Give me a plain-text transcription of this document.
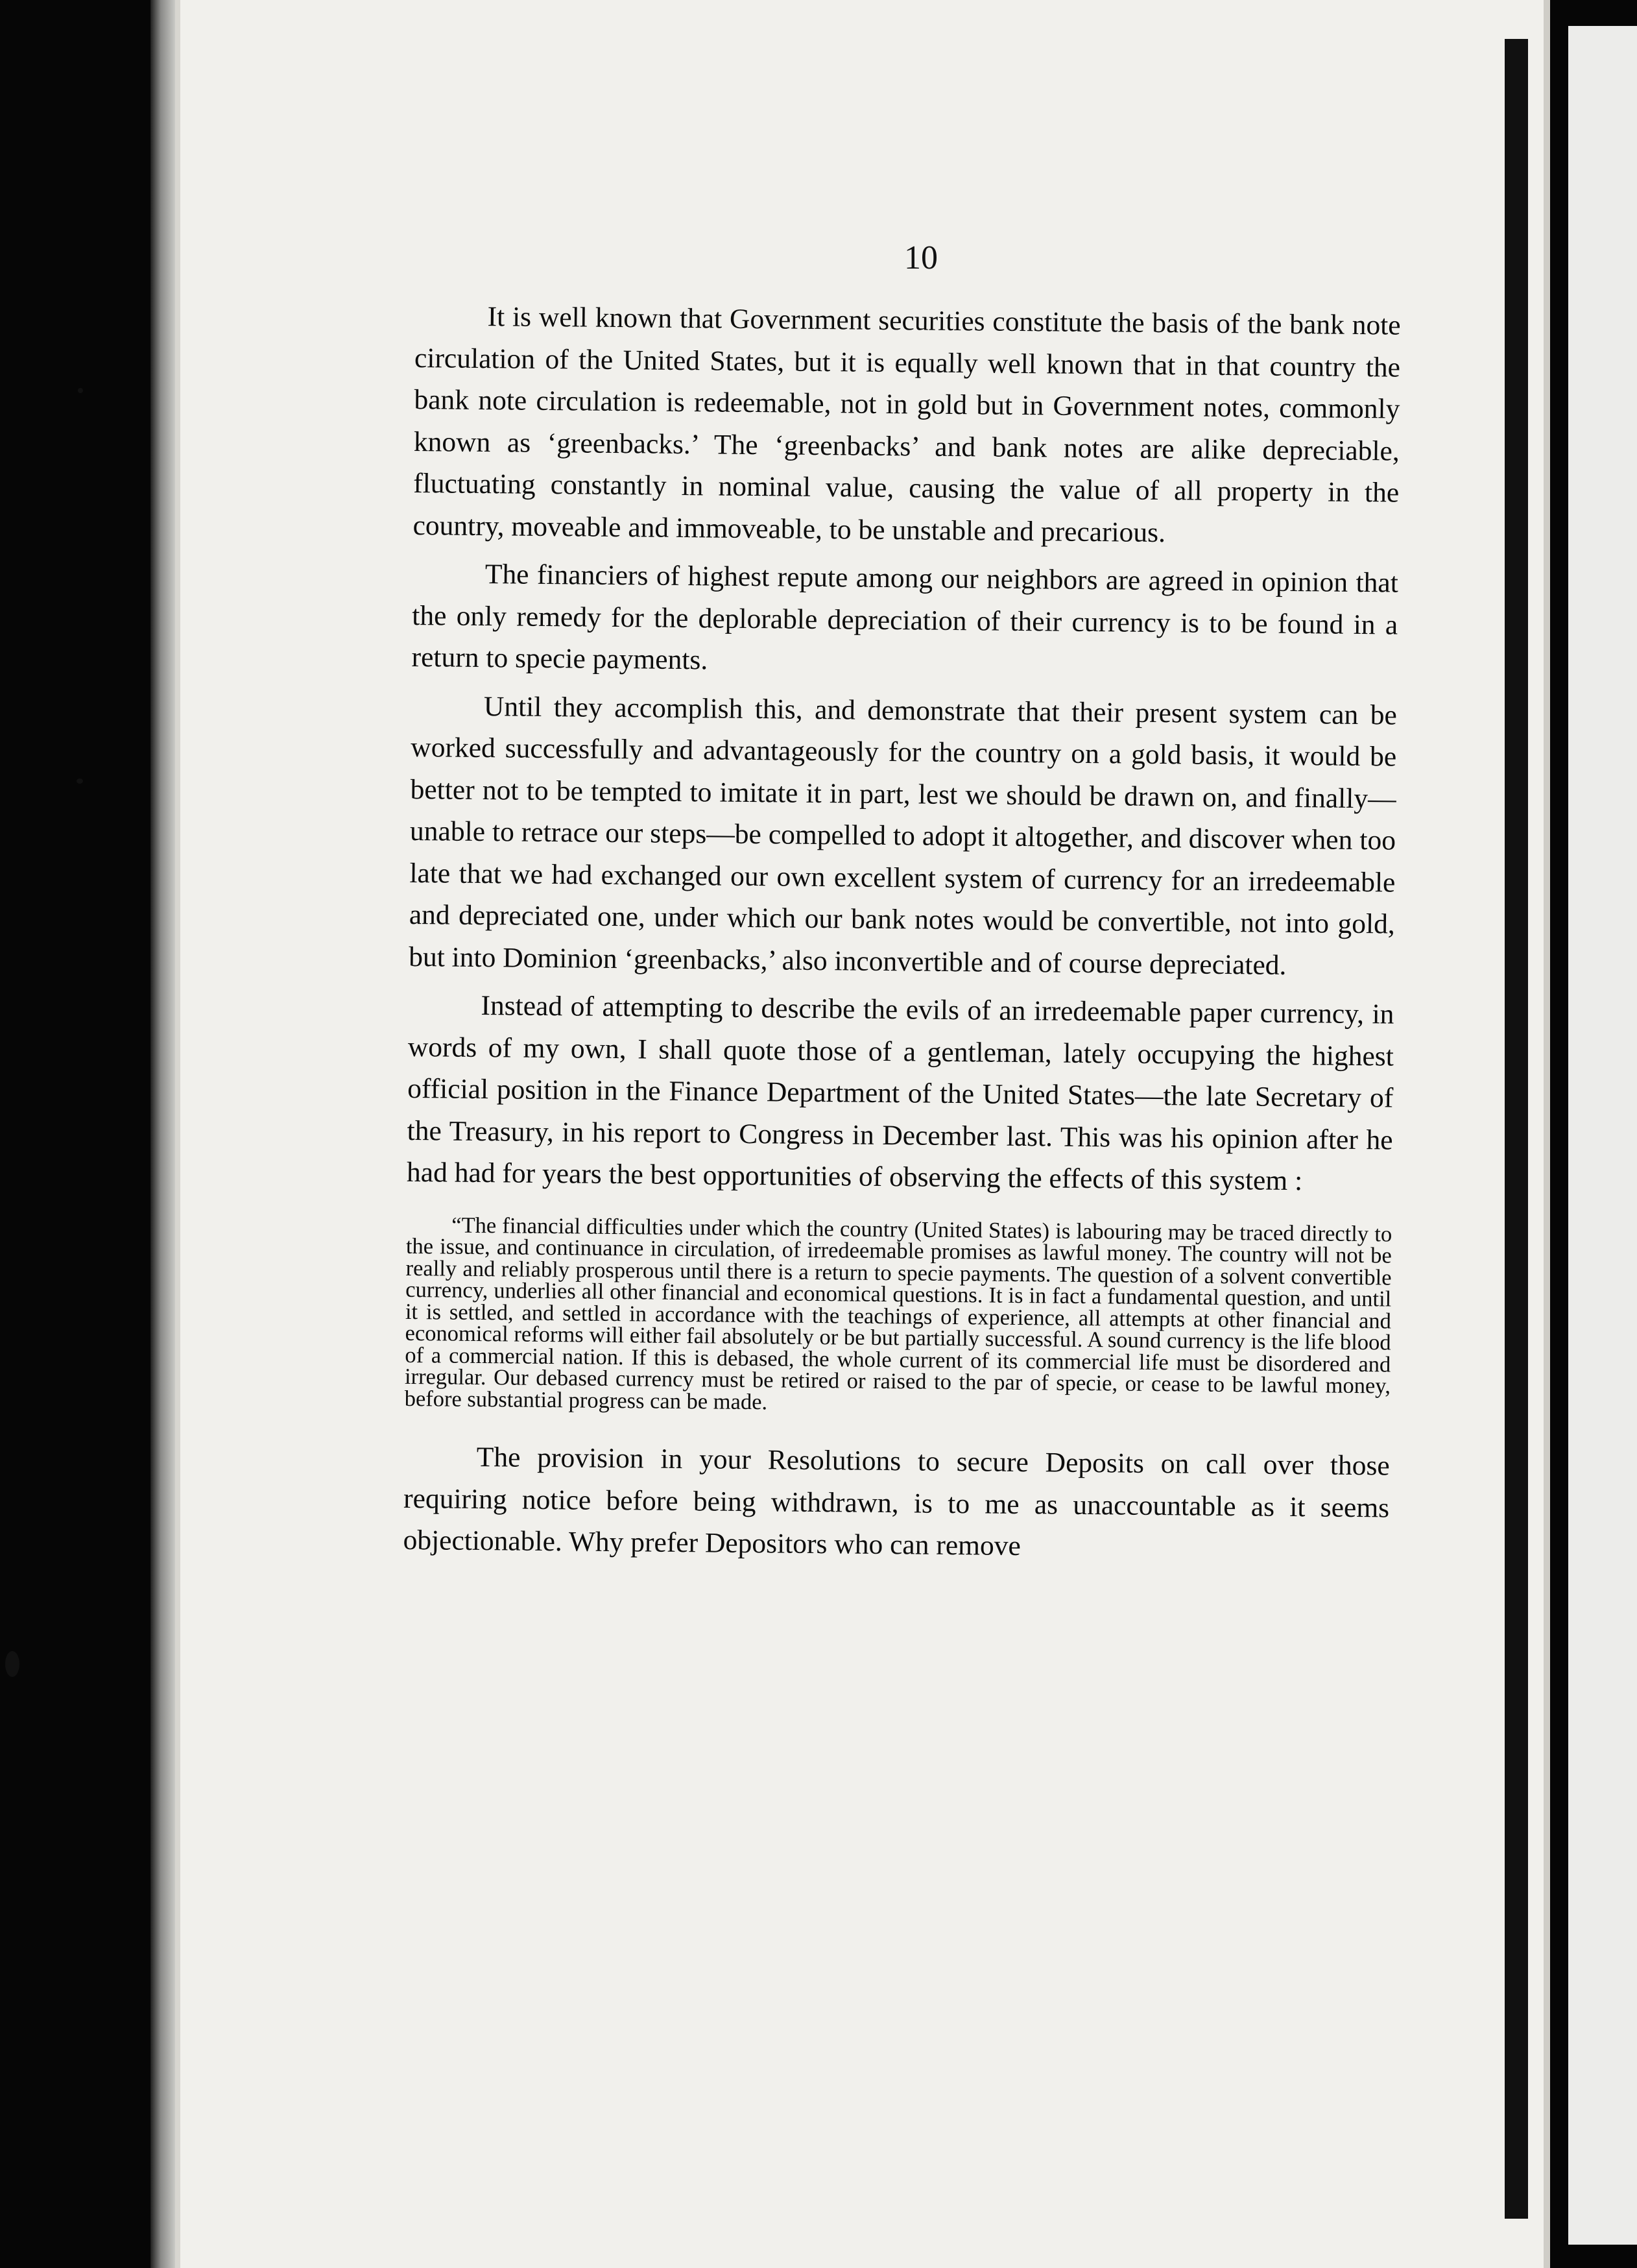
10

It is well known that Government securities constitute the basis of the bank note circulation of the United States, but it is equally well known that in that country the bank note circulation is redeemable, not in gold but in Government notes, commonly known as ‘greenbacks.’ The ‘greenbacks’ and bank notes are alike depreciable, fluctuating constantly in nominal value, causing the value of all property in the country, moveable and immoveable, to be unstable and precarious.

The financiers of highest repute among our neighbors are agreed in opinion that the only remedy for the deplorable depreciation of their currency is to be found in a return to specie payments.

Until they accomplish this, and demonstrate that their present system can be worked successfully and advantageously for the country on a gold basis, it would be better not to be tempted to imitate it in part, lest we should be drawn on, and finally—unable to retrace our steps—be compelled to adopt it altogether, and discover when too late that we had exchanged our own excellent system of currency for an irredeemable and depreciated one, under which our bank notes would be convertible, not into gold, but into Dominion ‘greenbacks,’ also inconvertible and of course depreciated.

Instead of attempting to describe the evils of an irredeemable paper currency, in words of my own, I shall quote those of a gentleman, lately occupying the highest official position in the Finance Department of the United States—the late Secretary of the Treasury, in his report to Congress in December last. This was his opinion after he had had for years the best opportunities of observing the effects of this system :

“The financial difficulties under which the country (United States) is labouring may be traced directly to the issue, and continuance in circulation, of irredeemable promises as lawful money. The country will not be really and reliably prosperous until there is a return to specie payments. The question of a solvent convertible currency, underlies all other financial and economical questions. It is in fact a fundamental question, and until it is settled, and settled in accordance with the teachings of experience, all attempts at other financial and economical reforms will either fail absolutely or be but partially successful. A sound currency is the life blood of a commercial nation. If this is debased, the whole current of its commercial life must be disordered and irregular. Our debased currency must be retired or raised to the par of specie, or cease to be lawful money, before substantial progress can be made.

The provision in your Resolutions to secure Deposits on call over those requiring notice before being withdrawn, is to me as unaccountable as it seems objectionable. Why prefer Depositors who can remove
